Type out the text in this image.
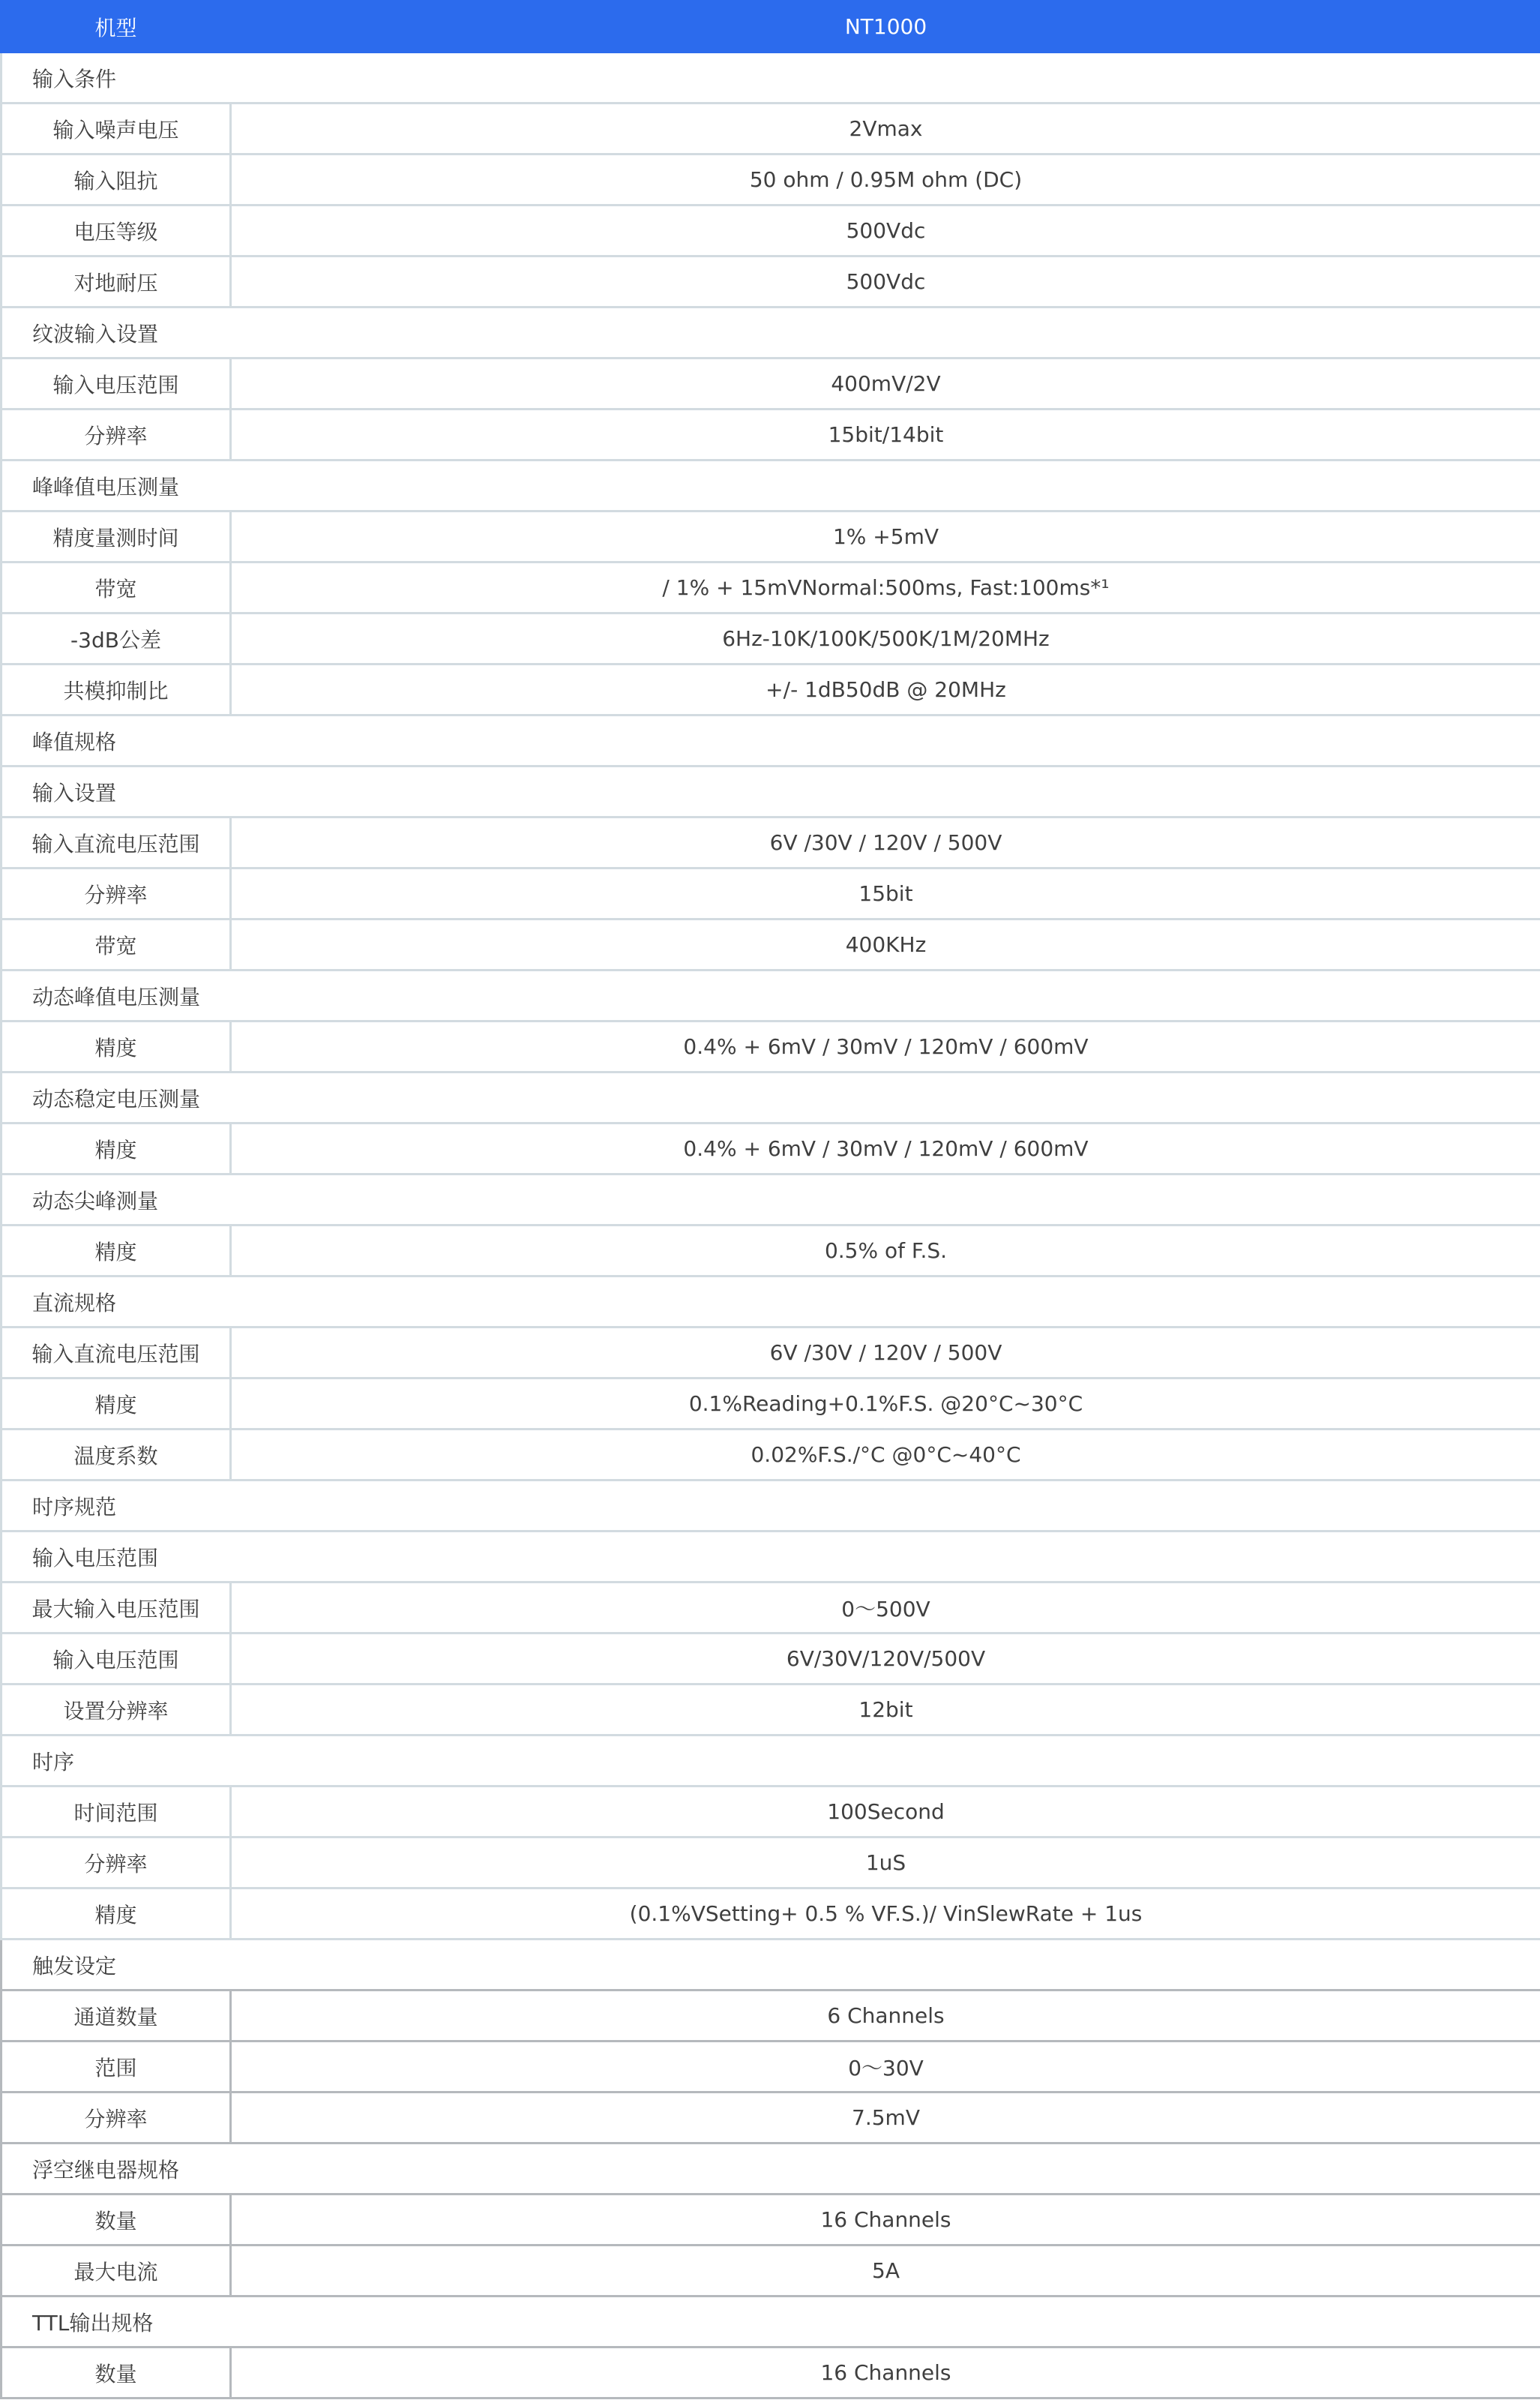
机型	NT1000
输入条件	
输入噪声电压	2Vmax
输入阻抗	50 ohm / 0.95M ohm (DC)
电压等级	500Vdc
对地耐压	500Vdc
纹波输入设置	
输入电压范围	400mV/2V
分辨率	15bit/14bit
峰峰值电压测量	
精度量测时间	1% +5mV
带宽	/ 1% + 15mVNormal:500ms, Fast:100ms*¹
-3dB公差	6Hz-10K/100K/500K/1M/20MHz
共模抑制比	+/- 1dB50dB @ 20MHz
峰值规格	
输入设置	
输入直流电压范围	6V /30V / 120V / 500V
分辨率	15bit
带宽	400KHz
动态峰值电压测量	
精度	0.4% + 6mV / 30mV / 120mV / 600mV
动态稳定电压测量	
精度	0.4% + 6mV / 30mV / 120mV / 600mV
动态尖峰测量	
精度	0.5% of F.S.
直流规格	
输入直流电压范围	6V /30V / 120V / 500V
精度	0.1%Reading+0.1%F.S. @20°C~30°C
温度系数	0.02%F.S./°C @0°C~40°C
时序规范	
输入电压范围	
最大输入电压范围	0～500V
输入电压范围	6V/30V/120V/500V
设置分辨率	12bit
时序	
时间范围	100Second
分辨率	1uS
精度	(0.1%VSetting+ 0.5 % VF.S.)/ VinSlewRate + 1us
触发设定	
通道数量	6 Channels
范围	0～30V
分辨率	7.5mV
浮空继电器规格	
数量	16 Channels
最大电流	5A
TTL输出规格	
数量	16 Channels
